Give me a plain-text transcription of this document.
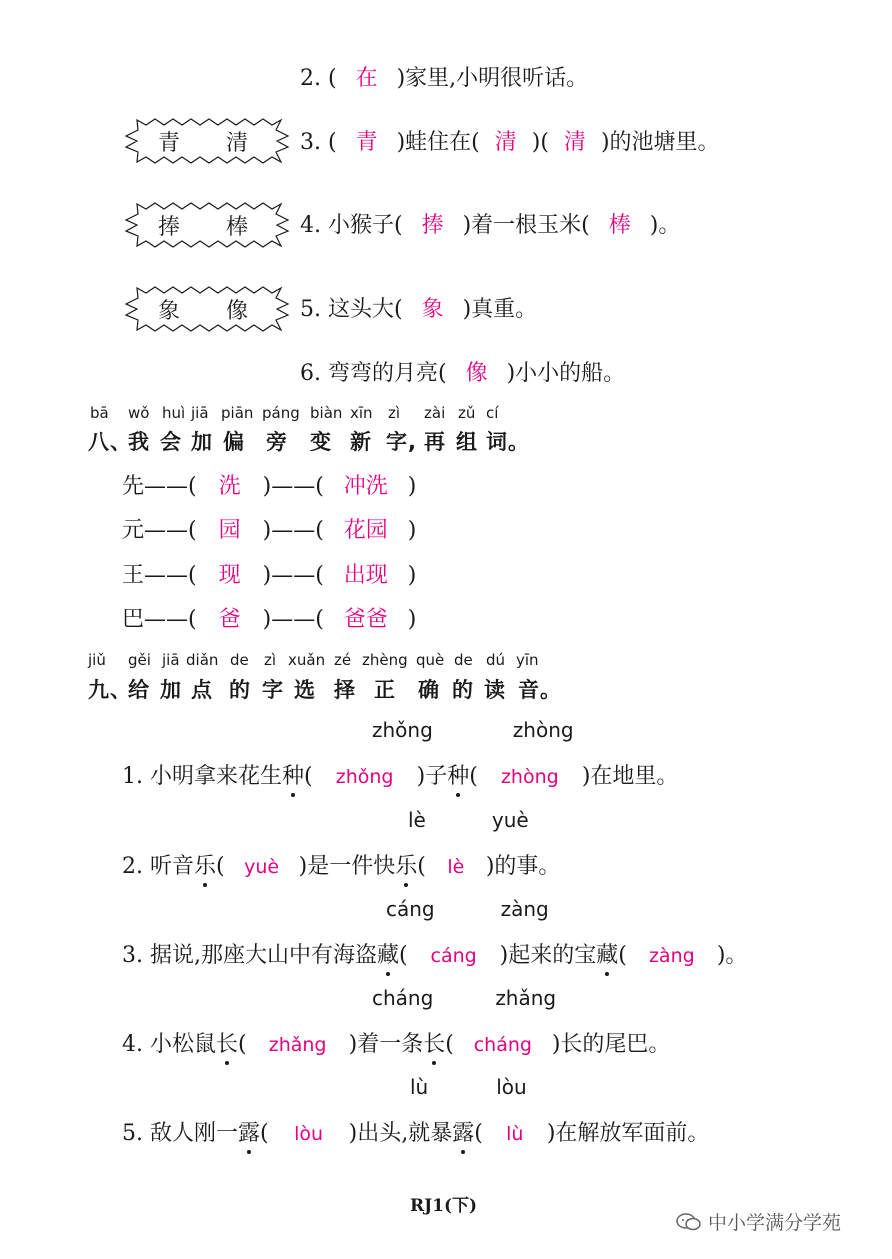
2. ( 在 )家里,小明很听话。
3. ( 青 )蛙住在( 清 )( 清 )的池塘里。
4. 小猴子( 捧 )着一根玉米( 棒 )。
5. 这头大( 象 )真重。
6. 弯弯的月亮( 像 )小小的船。
青 清
捧 棒
象 像
bā wǒ huì jiā piān páng biàn xīn zì zài zǔ cí
八、
我 会 加 偏 旁 变 新 字, 再 组 词。
先——( 洗 )——( 冲洗 )
元——( 园 )——( 花园 )
王——( 现 )——( 出现 )
巴——( 爸 )——( 爸爸 )
jiǔ gěi jiā diǎn de zì xuǎn zé zhèng què de dú yīn
九、
给 加 点 的 字 选 择 正 确 的 读 音。
zhǒng	zhòng
1. 小明拿来花生种( zhǒng )子种( zhòng )在地里。
lè	yuè
2. 听音乐( yuè )是一件快乐( lè )的事。
cáng	zàng
3. 据说,那座大山中有海盗藏( cáng )起来的宝藏( zàng )。
cháng	zhǎng
4. 小松鼠长( zhǎng )着一条长( cháng )长的尾巴。
lù	lòu
5. 敌人刚一露( lòu )出头,就暴露( lù )在解放军面前。
RJ1(下)
中小学满分学苑
